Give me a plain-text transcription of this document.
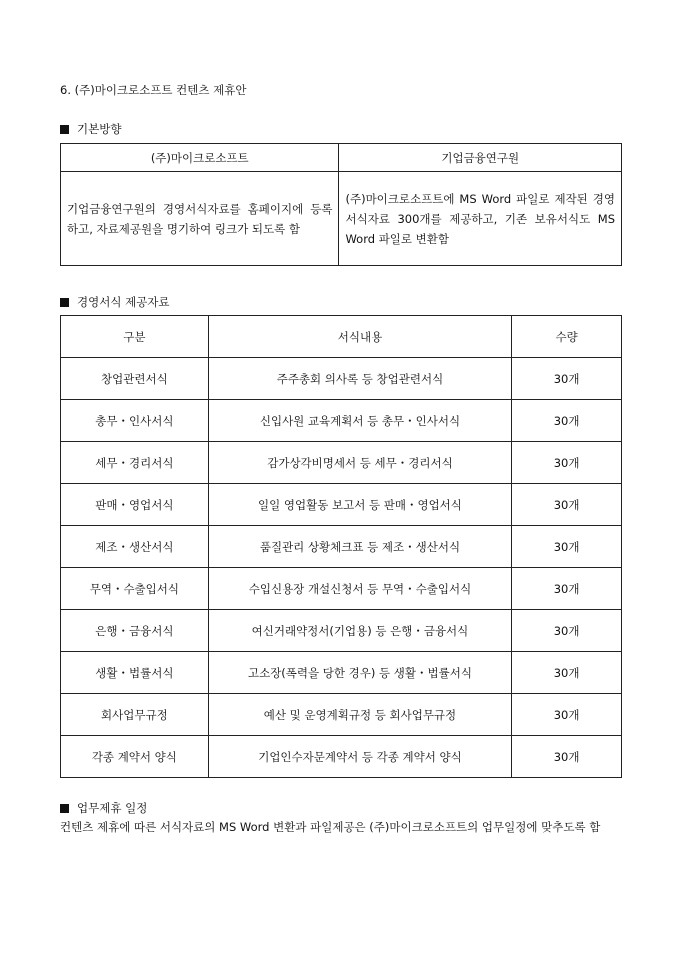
6. (주)마이크로소프트 컨텐츠 제휴안
기본방향
(주)마이크로소프트	기업금융연구원
기업금융연구원의 경영서식자료를 홈페이지에 등록하고, 자료제공원을 명기하여 링크가 되도록 함	(주)마이크로소프트에 MS Word 파일로 제작된 경영서식자료 300개를 제공하고, 기존 보유서식도 MS Word 파일로 변환함
경영서식 제공자료
구분	서식내용	수량
창업관련서식	주주총회 의사록 등 창업관련서식	30개
총무・인사서식	신입사원 교육계획서 등 총무・인사서식	30개
세무・경리서식	감가상각비명세서 등 세무・경리서식	30개
판매・영업서식	일일 영업활동 보고서 등 판매・영업서식	30개
제조・생산서식	품질관리 상황체크표 등 제조・생산서식	30개
무역・수출입서식	수입신용장 개설신청서 등 무역・수출입서식	30개
은행・금융서식	여신거래약정서(기업용) 등 은행・금융서식	30개
생활・법률서식	고소장(폭력을 당한 경우) 등 생활・법률서식	30개
회사업무규정	예산 및 운영계획규정 등 회사업무규정	30개
각종 계약서 양식	기업인수자문계약서 등 각종 계약서 양식	30개
업무제휴 일정
컨텐츠 제휴에 따른 서식자료의 MS Word 변환과 파일제공은 (주)마이크로소프트의 업무일정에 맞추도록 함
